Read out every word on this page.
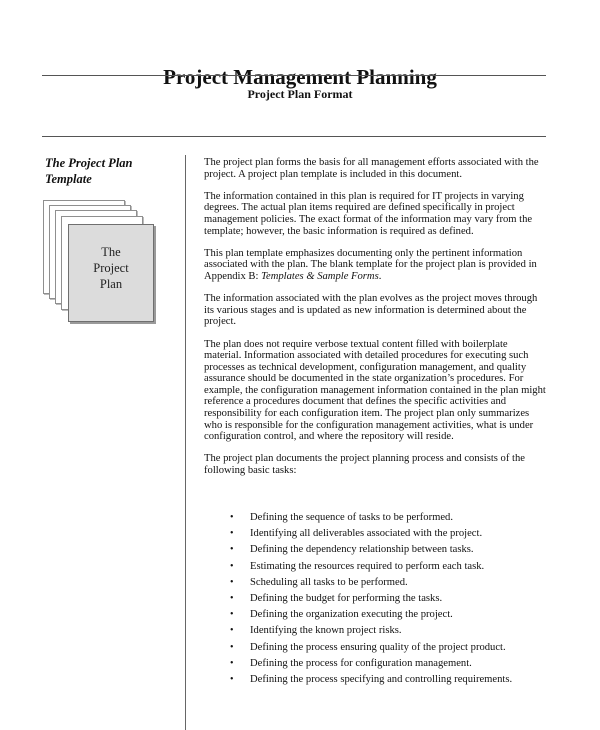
Project Management Planning
Project Plan Format
The Project Plan Template
The
Project
Plan

The project plan forms the basis for all management efforts associated with the project. A project plan template is included in this document.

The information contained in this plan is required for IT projects in varying degrees. The actual plan items required are defined specifically in project management policies. The exact format of the information may vary from the template; however, the basic information is required as defined.

This plan template emphasizes documenting only the pertinent information associated with the plan. The blank template for the project plan is provided in Appendix B: Templates & Sample Forms.

The information associated with the plan evolves as the project moves through its various stages and is updated as new information is determined about the project.

The plan does not require verbose textual content filled with boilerplate material. Information associated with detailed procedures for executing such processes as technical development, configuration management, and quality assurance should be documented in the state organization’s procedures. For example, the configuration management information contained in the plan might reference a procedures document that defines the specific activities and responsibility for each configuration item. The project plan only summarizes who is responsible for the configuration management activities, what is under configuration control, and where the repository will reside.

The project plan documents the project planning process and consists of the following basic tasks:

• Defining the sequence of tasks to be performed.
• Identifying all deliverables associated with the project.
• Defining the dependency relationship between tasks.
• Estimating the resources required to perform each task.
• Scheduling all tasks to be performed.
• Defining the budget for performing the tasks.
• Defining the organization executing the project.
• Identifying the known project risks.
• Defining the process ensuring quality of the project product.
• Defining the process for configuration management.
• Defining the process specifying and controlling requirements.
